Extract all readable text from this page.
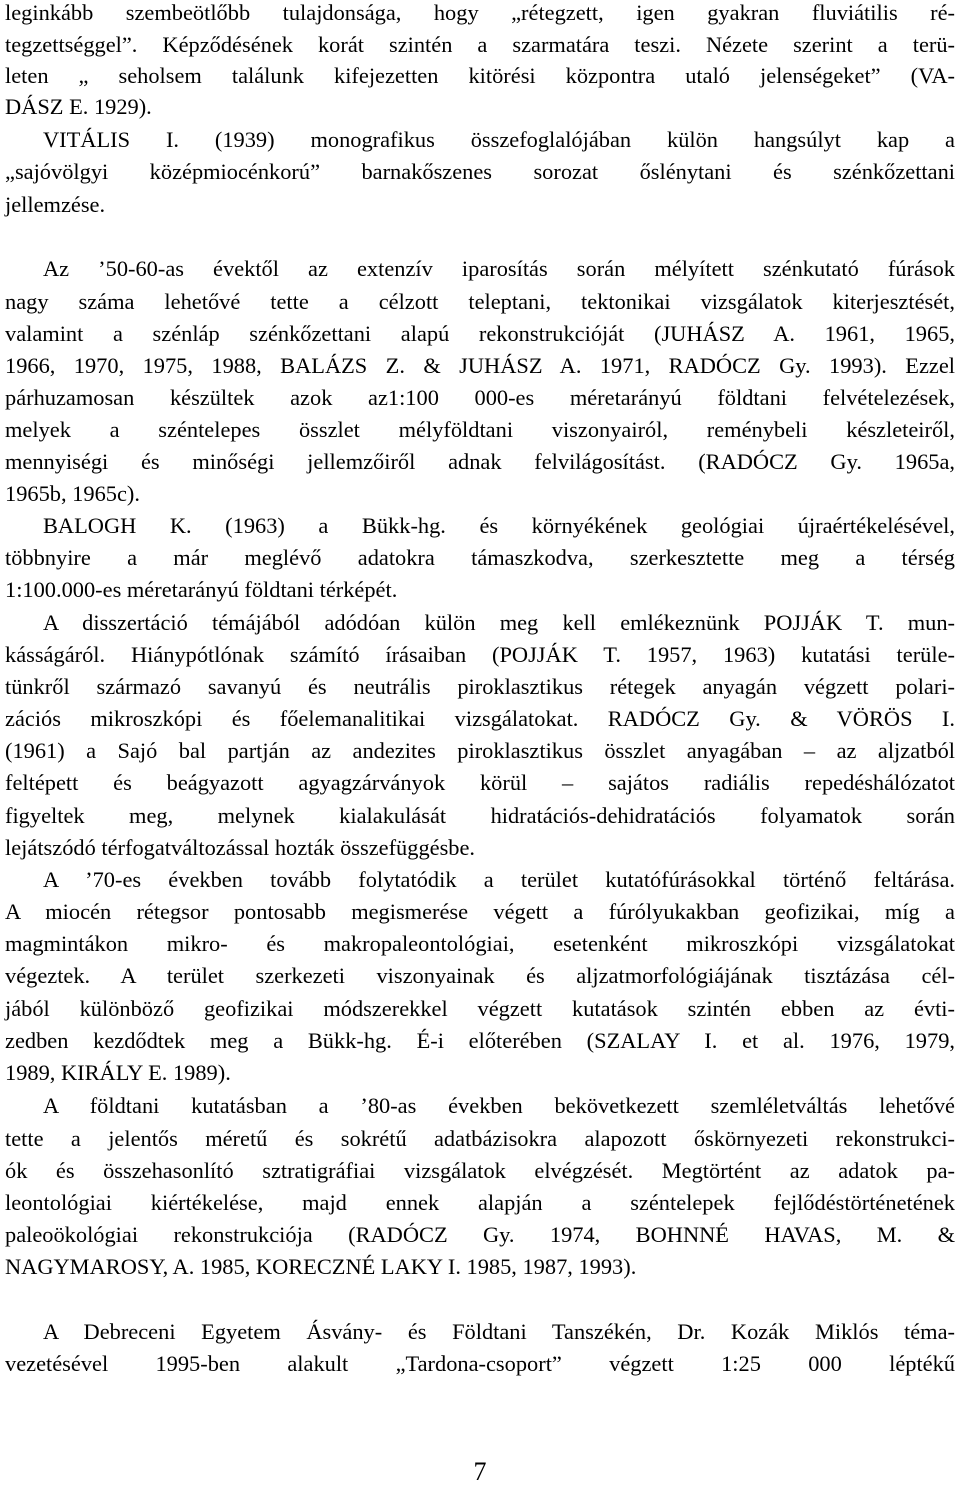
leginkább szembeötlőbb tulajdonsága, hogy „rétegzett, igen gyakran fluviátilis ré-
tegzettséggel”. Képződésének korát szintén a szarmatára teszi. Nézete szerint a terü-
leten „ seholsem találunk kifejezetten kitörési központra utaló jelenségeket” (VA-
DÁSZ E. 1929).
VITÁLIS I. (1939) monografikus összefoglalójában külön hangsúlyt kap a
„sajóvölgyi középmiocénkorú” barnakőszenes sorozat őslénytani és szénkőzettani
jellemzése.
Az ’50-60-as évektől az extenzív iparosítás során mélyített szénkutató fúrások
nagy száma lehetővé tette a célzott teleptani, tektonikai vizsgálatok kiterjesztését,
valamint a szénláp szénkőzettani alapú rekonstrukcióját (JUHÁSZ A. 1961, 1965,
1966, 1970, 1975, 1988, BALÁZS Z. & JUHÁSZ A. 1971, RADÓCZ Gy. 1993). Ezzel
párhuzamosan készültek azok az1:100 000-es méretarányú földtani felvételezések,
melyek a széntelepes összlet mélyföldtani viszonyairól, reménybeli készleteiről,
mennyiségi és minőségi jellemzőiről adnak felvilágosítást. (RADÓCZ Gy. 1965a,
1965b, 1965c).
BALOGH K. (1963) a Bükk-hg. és környékének geológiai újraértékelésével,
többnyire a már meglévő adatokra támaszkodva, szerkesztette meg a térség
1:100.000-es méretarányú földtani térképét.
A disszertáció témájából adódóan külön meg kell emlékeznünk POJJÁK T. mun-
kásságáról. Hiánypótlónak számító írásaiban (POJJÁK T. 1957, 1963) kutatási terüle-
tünkről származó savanyú és neutrális piroklasztikus rétegek anyagán végzett polari-
zációs mikroszkópi és főelemanalitikai vizsgálatokat. RADÓCZ Gy. & VÖRÖS I.
(1961) a Sajó bal partján az andezites piroklasztikus összlet anyagában – az aljzatból
feltépett és beágyazott agyagzárványok körül – sajátos radiális repedéshálózatot
figyeltek meg, melynek kialakulását hidratációs-dehidratációs folyamatok során
lejátszódó térfogatváltozással hozták összefüggésbe.
A ’70-es években tovább folytatódik a terület kutatófúrásokkal történő feltárása.
A miocén rétegsor pontosabb megismerése végett a fúrólyukakban geofizikai, míg a
magmintákon mikro- és makropaleontológiai, esetenként mikroszkópi vizsgálatokat
végeztek. A terület szerkezeti viszonyainak és aljzatmorfológiájának tisztázása cél-
jából különböző geofizikai módszerekkel végzett kutatások szintén ebben az évti-
zedben kezdődtek meg a Bükk-hg. É-i előterében (SZALAY I. et al. 1976, 1979,
1989, KIRÁLY E. 1989).
A földtani kutatásban a ’80-as években bekövetkezett szemléletváltás lehetővé
tette a jelentős méretű és sokrétű adatbázisokra alapozott őskörnyezeti rekonstrukci-
ók és összehasonlító sztratigráfiai vizsgálatok elvégzését. Megtörtént az adatok pa-
leontológiai kiértékelése, majd ennek alapján a széntelepek fejlődéstörténetének
paleoökológiai rekonstrukciója (RADÓCZ Gy. 1974, BOHNNÉ HAVAS, M. &
NAGYMAROSY, A. 1985, KORECZNÉ LAKY I. 1985, 1987, 1993).
A Debreceni Egyetem Ásvány- és Földtani Tanszékén, Dr. Kozák Miklós téma-
vezetésével 1995-ben alakult „Tardona-csoport” végzett 1:25 000 léptékű
7
